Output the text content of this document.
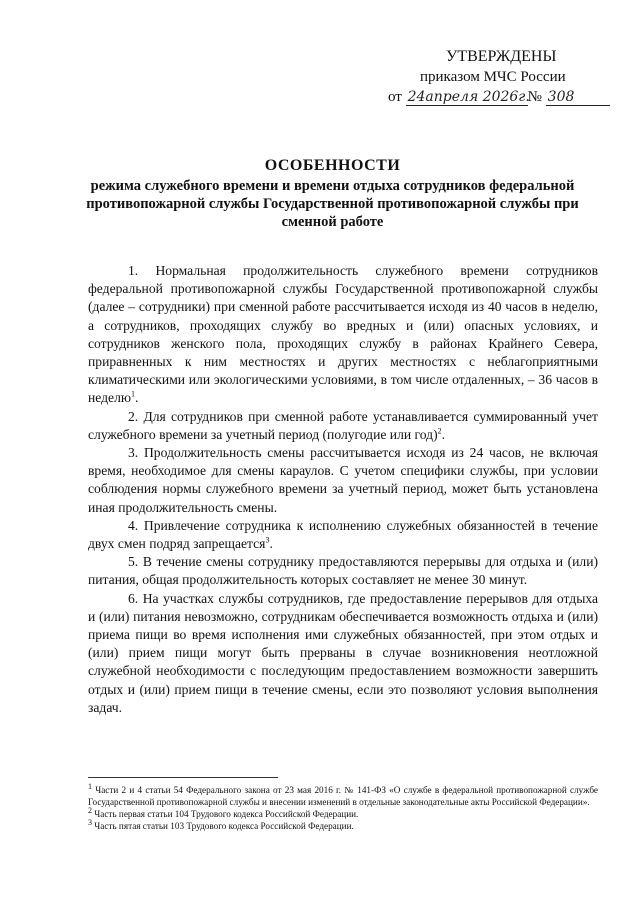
УТВЕРЖДЕНЫ
приказом МЧС России
от 24апреля 2026г.№ 308
ОСОБЕННОСТИ
режима служебного времени и времени отдыха сотрудников федеральной противопожарной службы Государственной противопожарной службы при сменной работе

1. Нормальная продолжительность служебного времени сотрудников федеральной противопожарной службы Государственной противопожарной службы (далее – сотрудники) при сменной работе рассчитывается исходя из 40 часов в неделю, а сотрудников, проходящих службу во вредных и (или) опасных условиях, и сотрудников женского пола, проходящих службу в районах Крайнего Севера, приравненных к ним местностях и других местностях с неблагоприятными климатическими или экологическими условиями, в том числе отдаленных, – 36 часов в неделю$^1$.

2. Для сотрудников при сменной работе устанавливается суммированный учет служебного времени за учетный период (полугодие или год)$^2$.

3. Продолжительность смены рассчитывается исходя из 24 часов, не включая время, необходимое для смены караулов. С учетом специфики службы, при условии соблюдения нормы служебного времени за учетный период, может быть установлена иная продолжительность смены.

4. Привлечение сотрудника к исполнению служебных обязанностей в течение двух смен подряд запрещается$^3$.

5. В течение смены сотруднику предоставляются перерывы для отдыха и (или) питания, общая продолжительность которых составляет не менее 30 минут.

6. На участках службы сотрудников, где предоставление перерывов для отдыха и (или) питания невозможно, сотрудникам обеспечивается возможность отдыха и (или) приема пищи во время исполнения ими служебных обязанностей, при этом отдых и (или) прием пищи могут быть прерваны в случае возникновения неотложной служебной необходимости с последующим предоставлением возможности завершить отдых и (или) прием пищи в течение смены, если это позволяют условия выполнения задач.

$^1$ Части 2 и 4 статьи 54 Федерального закона от 23 мая 2016 г. № 141-ФЗ «О службе в федеральной противопожарной службе Государственной противопожарной службы и внесении изменений в отдельные законодательные акты Российской Федерации».

$^2$ Часть первая статьи 104 Трудового кодекса Российской Федерации.

$^3$ Часть пятая статьи 103 Трудового кодекса Российской Федерации.
